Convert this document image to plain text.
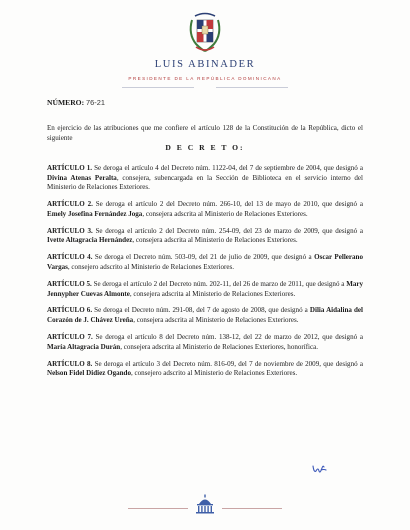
LUIS ABINADER
PRESIDENTE DE LA REPÚBLICA DOMINICANA
NÚMERO: 76-21

En ejercicio de las atribuciones que me confiere el artículo 128 de la Constitución de la República, dicto el siguiente

D E C R E T O:

ARTÍCULO 1. Se deroga el artículo 4 del Decreto núm. 1122-04, del 7 de septiembre de 2004, que designó a Divina Atenas Peralta, consejera, subencargada en la Sección de Biblioteca en el servicio interno del Ministerio de Relaciones Exteriores.

ARTÍCULO 2. Se deroga el artículo 2 del Decreto núm. 266-10, del 13 de mayo de 2010, que designó a Emely Josefina Fernández Joga, consejera adscrita al Ministerio de Relaciones Exteriores.

ARTÍCULO 3. Se deroga el artículo 2 del Decreto núm. 254-09, del 23 de marzo de 2009, que designó a Ivette Altagracia Hernández, consejera adscrita al Ministerio de Relaciones Exteriores.

ARTÍCULO 4. Se deroga el Decreto núm. 503-09, del 21 de julio de 2009, que designó a Oscar Pellerano Vargas, consejero adscrito al Ministerio de Relaciones Exteriores.

ARTÍCULO 5. Se deroga el artículo 2 del Decreto núm. 202-11, del 26 de marzo de 2011, que designó a Mary Jennypher Cuevas Almonte, consejera adscrita al Ministerio de Relaciones Exteriores.

ARTÍCULO 6. Se deroga el Decreto núm. 291-08, del 7 de agosto de 2008, que designó a Dilia Aidalina del Corazón de J. Chávez Ureña, consejera adscrita al Ministerio de Relaciones Exteriores.

ARTÍCULO 7. Se deroga el artículo 8 del Decreto núm. 138-12, del 22 de marzo de 2012, que designó a María Altagracia Durán, consejera adscrita al Ministerio de Relaciones Exteriores, honorífica.

ARTÍCULO 8. Se deroga el artículo 3 del Decreto núm. 816-09, del 7 de noviembre de 2009, que designó a Nelson Fidel Didiez Ogando, consejero adscrito al Ministerio de Relaciones Exteriores.
